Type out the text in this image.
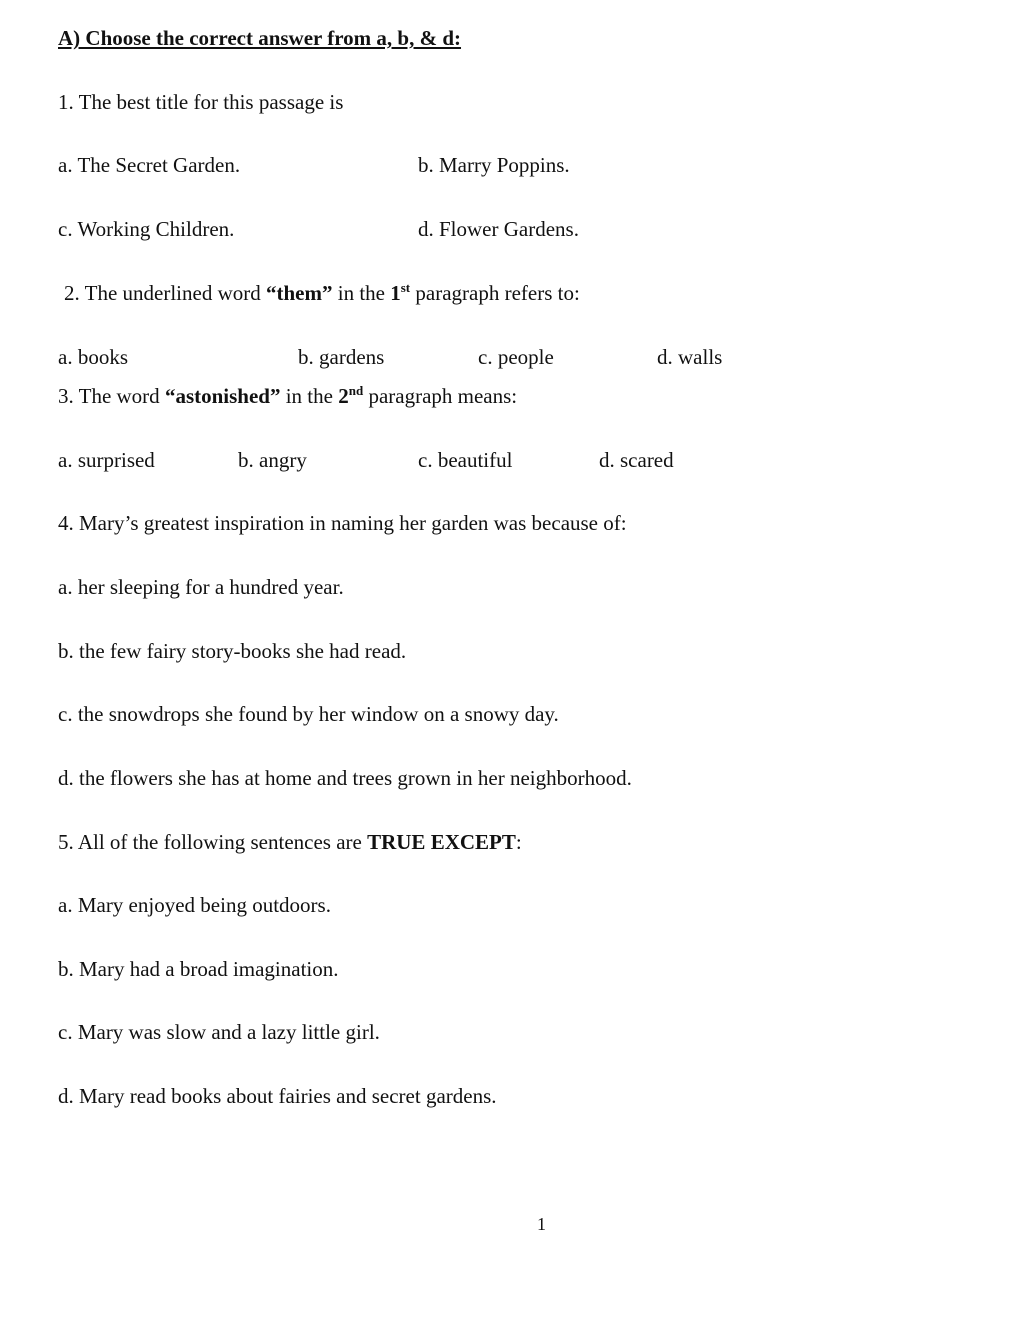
A) Choose the correct answer from a, b, & d:
1. The best title for this passage is
a. The Secret Garden.	b. Marry Poppins.
c. Working Children.	d. Flower Gardens.
2. The underlined word “them” in the 1st paragraph refers to:
a. books	b. gardens	c. people	d. walls
3. The word “astonished” in the 2nd paragraph means:
a. surprised	b. angry	c. beautiful	d. scared
4. Mary’s greatest inspiration in naming her garden was because of:
a. her sleeping for a hundred year.
b. the few fairy story-books she had read.
c. the snowdrops she found by her window on a snowy day.
d. the flowers she has at home and trees grown in her neighborhood.
5. All of the following sentences are TRUE EXCEPT:
a. Mary enjoyed being outdoors.
b. Mary had a broad imagination.
c. Mary was slow and a lazy little girl.
d. Mary read books about fairies and secret gardens.
1
